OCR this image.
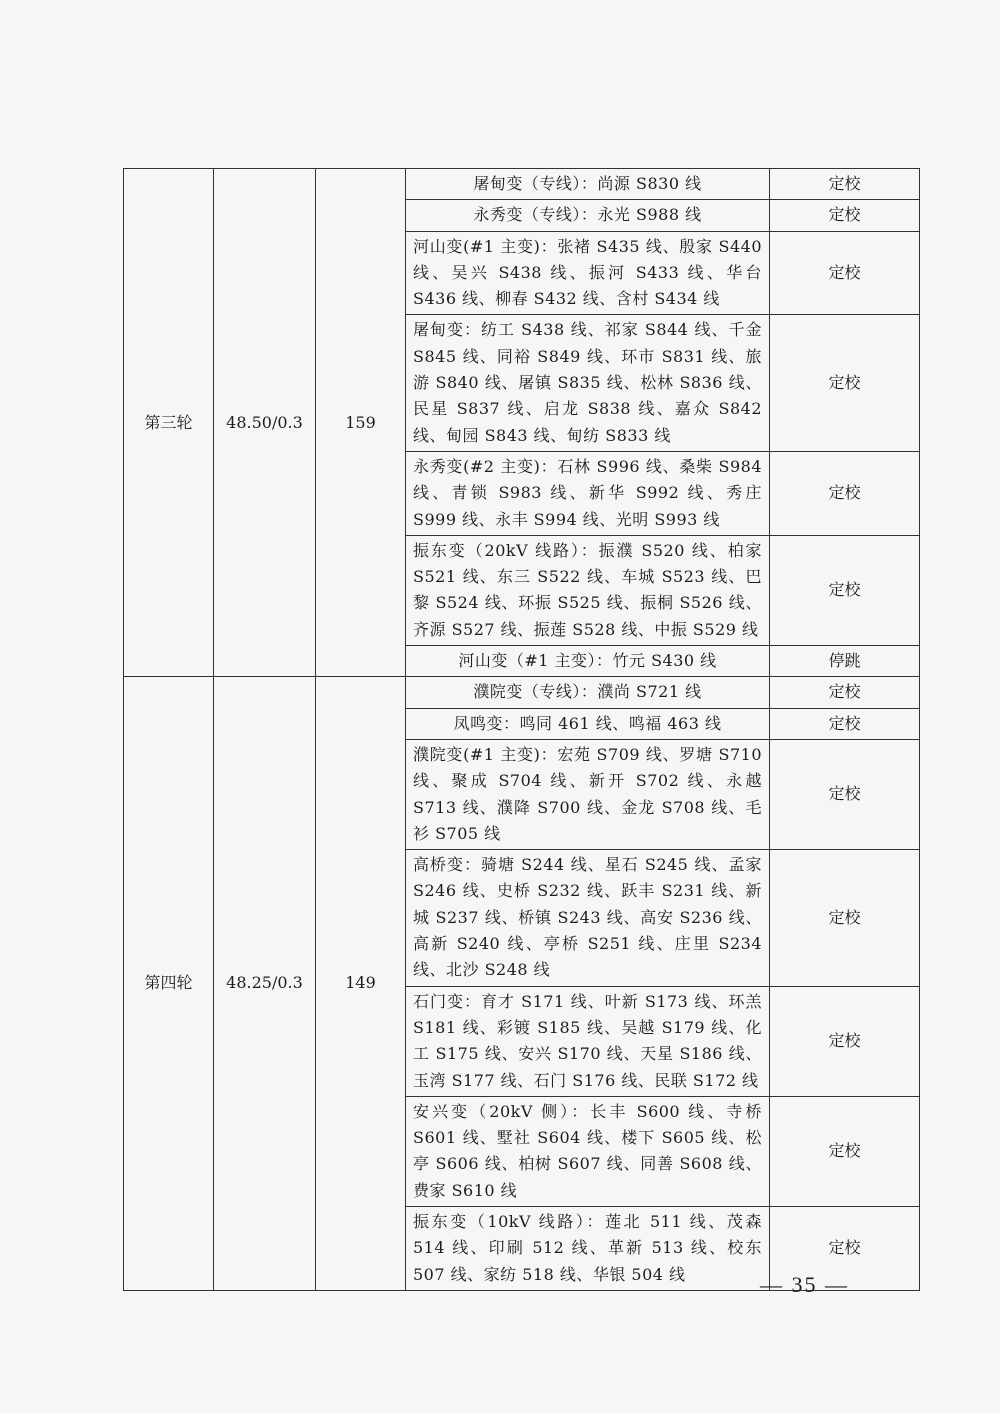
第三轮	48.50/0.3	159	屠甸变（专线）：尚源 S830 线	定校
			永秀变（专线）：永光 S988 线	定校
			河山变(#1 主变)：张褚 S435 线、殷家 S440 线、吴兴 S438 线、振河 S433 线、华台 S436 线、柳春 S432 线、含村 S434 线	定校
			屠甸变：纺工 S438 线、祁家 S844 线、千金 S845 线、同裕 S849 线、环市 S831 线、旅游 S840 线、屠镇 S835 线、松林 S836 线、民星 S837 线、启龙 S838 线、嘉众 S842 线、甸园 S843 线、甸纺 S833 线	定校
			永秀变(#2 主变)：石林 S996 线、桑柴 S984 线、青锁 S983 线、新华 S992 线、秀庄 S999 线、永丰 S994 线、光明 S993 线	定校
			振东变（20kV 线路）：振濮 S520 线、柏家 S521 线、东三 S522 线、车城 S523 线、巴黎 S524 线、环振 S525 线、振桐 S526 线、齐源 S527 线、振莲 S528 线、中振 S529 线	定校
			河山变（#1 主变）：竹元 S430 线	停跳
第四轮	48.25/0.3	149	濮院变（专线）：濮尚 S721 线	定校
			凤鸣变：鸣同 461 线、鸣福 463 线	定校
			濮院变(#1 主变)：宏苑 S709 线、罗塘 S710 线、聚成 S704 线、新开 S702 线、永越 S713 线、濮降 S700 线、金龙 S708 线、毛衫 S705 线	定校
			高桥变：骑塘 S244 线、星石 S245 线、孟家 S246 线、史桥 S232 线、跃丰 S231 线、新城 S237 线、桥镇 S243 线、高安 S236 线、高新 S240 线、亭桥 S251 线、庄里 S234 线、北沙 S248 线	定校
			石门变：育才 S171 线、叶新 S173 线、环羔 S181 线、彩镀 S185 线、吴越 S179 线、化工 S175 线、安兴 S170 线、天星 S186 线、玉湾 S177 线、石门 S176 线、民联 S172 线	定校
			安兴变（20kV 侧）：长丰 S600 线、寺桥 S601 线、墅社 S604 线、楼下 S605 线、松亭 S606 线、柏树 S607 线、同善 S608 线、费家 S610 线	定校
			振东变（10kV 线路）：莲北 511 线、茂森 514 线、印刷 512 线、革新 513 线、校东 507 线、家纺 518 线、华银 504 线	定校
— 35 —
